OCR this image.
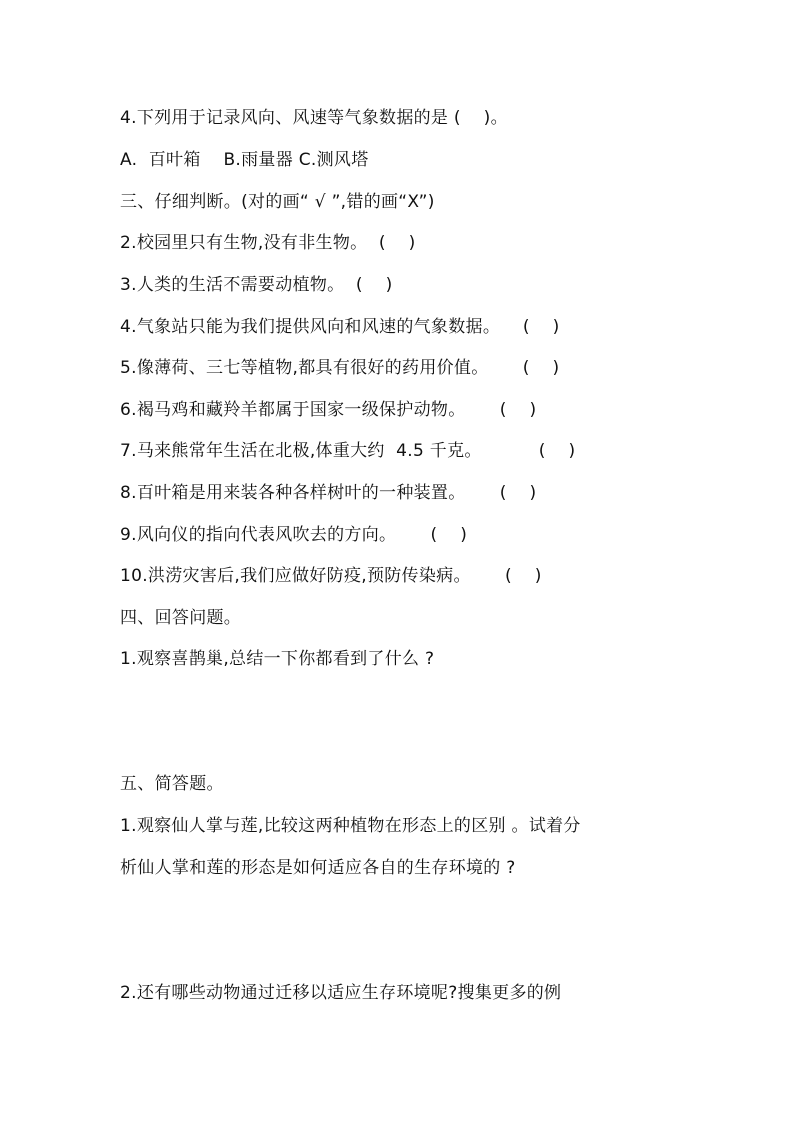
4.下列用于记录风向、风速等气象数据的是 (    )。
A.  百叶箱    B.雨量器 C.测风塔
三、仔细判断。(对的画“ √ ”,错的画“X”)
2.校园里只有生物,没有非生物。  (    )
3.人类的生活不需要动植物。  (    )
4.气象站只能为我们提供风向和风速的气象数据。    (    )
5.像薄荷、三七等植物,都具有很好的药用价值。      (    )
6.褐马鸡和藏羚羊都属于国家一级保护动物。      (    )
7.马来熊常年生活在北极,体重大约  4.5 千克。          (    )
8.百叶箱是用来装各种各样树叶的一种装置。      (    )
9.风向仪的指向代表风吹去的方向。      (    )
10.洪涝灾害后,我们应做好防疫,预防传染病。      (    )
四、回答问题。
1.观察喜鹊巢,总结一下你都看到了什么 ?
五、简答题。
1.观察仙人掌与莲,比较这两种植物在形态上的区别 。试着分
析仙人掌和莲的形态是如何适应各自的生存环境的 ?
2.还有哪些动物通过迁移以适应生存环境呢?搜集更多的例
